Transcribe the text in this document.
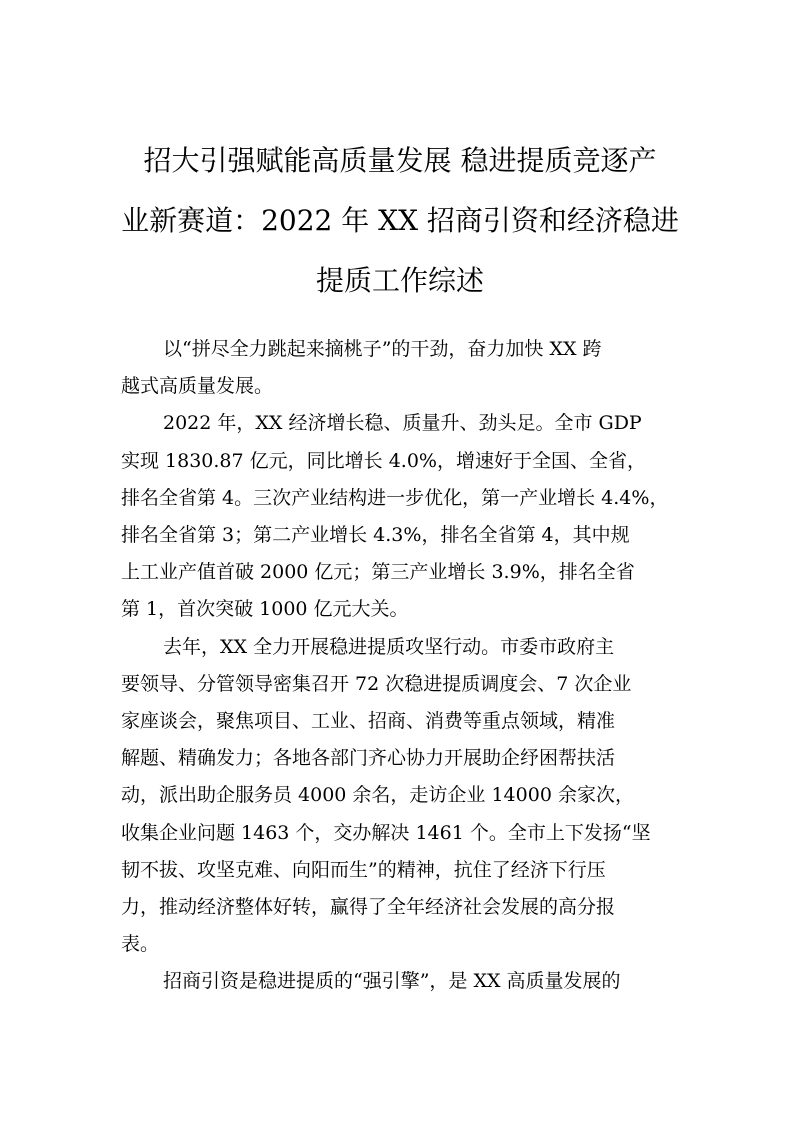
招大引强赋能高质量发展 稳进提质竞逐产
业新赛道：2022 年 XX 招商引资和经济稳进
提质工作综述

以“拼尽全力跳起来摘桃子”的干劲，奋力加快 XX 跨
越式高质量发展。

2022 年，XX 经济增长稳、质量升、劲头足。全市 GDP
实现 1830.87 亿元，同比增长 4.0%，增速好于全国、全省，
排名全省第 4。三次产业结构进一步优化，第一产业增长 4.4%，
排名全省第 3；第二产业增长 4.3%，排名全省第 4，其中规
上工业产值首破 2000 亿元；第三产业增长 3.9%，排名全省
第 1，首次突破 1000 亿元大关。

去年，XX 全力开展稳进提质攻坚行动。市委市政府主
要领导、分管领导密集召开 72 次稳进提质调度会、7 次企业
家座谈会，聚焦项目、工业、招商、消费等重点领域，精准
解题、精确发力；各地各部门齐心协力开展助企纾困帮扶活
动，派出助企服务员 4000 余名，走访企业 14000 余家次，
收集企业问题 1463 个，交办解决 1461 个。全市上下发扬“坚
韧不拔、攻坚克难、向阳而生”的精神，抗住了经济下行压
力，推动经济整体好转，赢得了全年经济社会发展的高分报
表。

招商引资是稳进提质的“强引擎”，是 XX 高质量发展的
